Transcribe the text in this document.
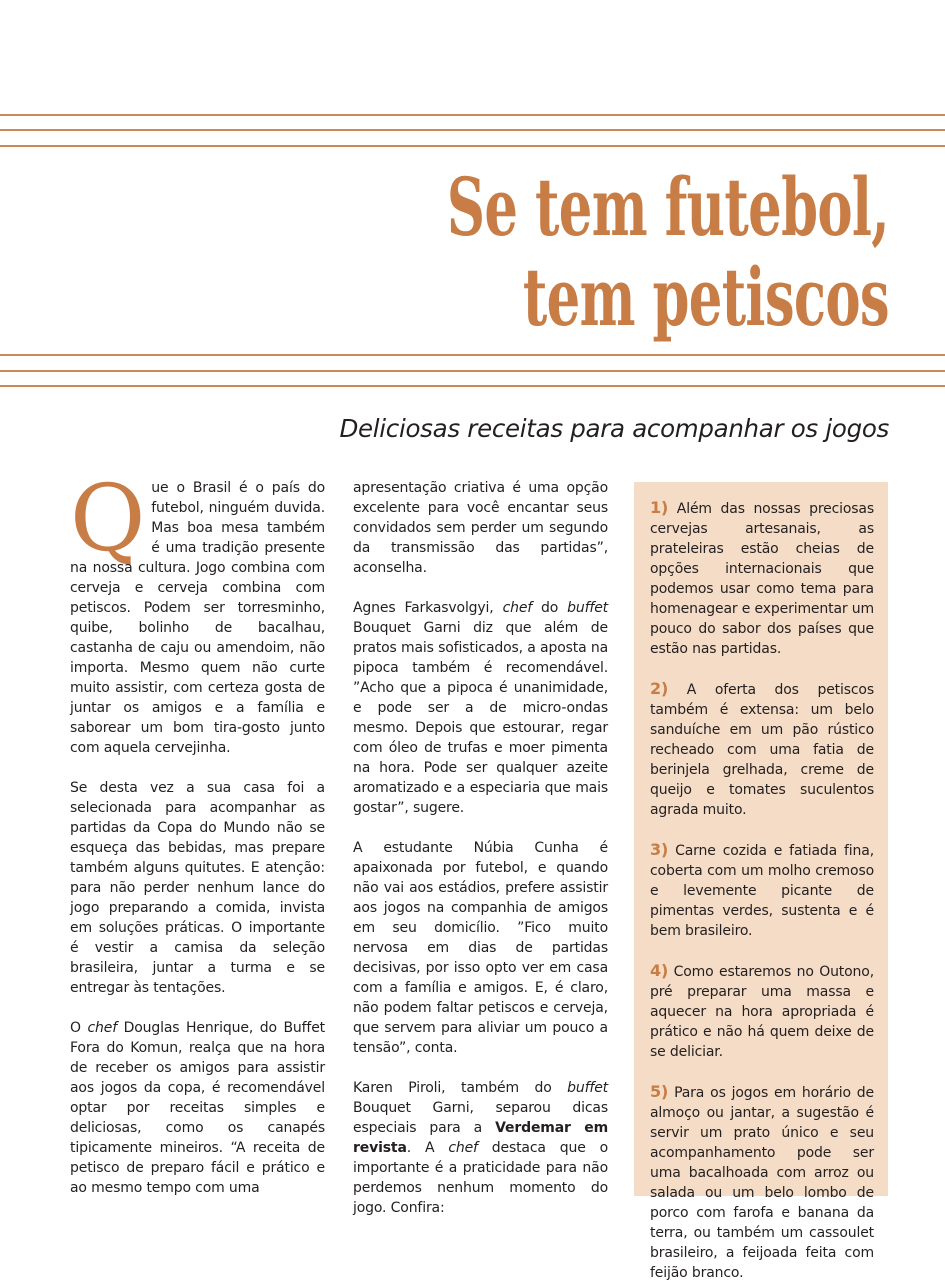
Se tem futebol,
tem petiscos
Deliciosas receitas para acompanhar os jogos

Que o Brasil é o país do futebol, ninguém duvida. Mas boa mesa também é uma tradição presente na nossa cultura. Jogo combina com cerveja e cerveja combina com petiscos. Podem ser torresminho, quibe, bolinho de bacalhau, castanha de caju ou amendoim, não importa. Mesmo quem não curte muito assistir, com certeza gosta de juntar os amigos e a família e saborear um bom tira-gosto junto com aquela cervejinha.

Se desta vez a sua casa foi a selecionada para acompanhar as partidas da Copa do Mundo não se esqueça das bebidas, mas prepare também alguns quitutes. E atenção: para não perder nenhum lance do jogo preparando a comida, invista em soluções práticas. O importante é vestir a camisa da seleção brasileira, juntar a turma e se entregar às tentações.

O chef Douglas Henrique, do Buffet Fora do Komun, realça que na hora de receber os amigos para assistir aos jogos da copa, é recomendável optar por receitas simples e deliciosas, como os canapés tipicamente mineiros. “A receita de petisco de preparo fácil e prático e ao mesmo tempo com uma

apresentação criativa é uma opção excelente para você encantar seus convidados sem perder um segundo da transmissão das partidas”, aconselha.

Agnes Farkasvolgyi, chef do buffet Bouquet Garni diz que além de pratos mais sofisticados, a aposta na pipoca também é recomendável. ”Acho que a pipoca é unanimidade, e pode ser a de micro-ondas mesmo. Depois que estourar, regar com óleo de trufas e moer pimenta na hora. Pode ser qualquer azeite aromatizado e a especiaria que mais gostar”, sugere.

A estudante Núbia Cunha é apaixonada por futebol, e quando não vai aos estádios, prefere assistir aos jogos na companhia de amigos em seu domicílio. ”Fico muito nervosa em dias de partidas decisivas, por isso opto ver em casa com a família e amigos. E, é claro, não podem faltar petiscos e cerveja, que servem para aliviar um pouco a tensão”, conta.

Karen Piroli, também do buffet Bouquet Garni, separou dicas especiais para a Verdemar em revista. A chef destaca que o importante é a praticidade para não perdemos nenhum momento do jogo. Confira:

1) Além das nossas preciosas cervejas artesanais, as prateleiras estão cheias de opções internacionais que podemos usar como tema para homenagear e experimentar um pouco do sabor dos países que estão nas partidas.

2) A oferta dos petiscos também é extensa: um belo sanduíche em um pão rústico recheado com uma fatia de berinjela grelhada, creme de queijo e tomates suculentos agrada muito.

3) Carne cozida e fatiada fina, coberta com um molho cremoso e levemente picante de pimentas verdes, sustenta e é bem brasileiro.

4) Como estaremos no Outono, pré preparar uma massa e aquecer na hora apropriada é prático e não há quem deixe de se deliciar.

5) Para os jogos em horário de almoço ou jantar, a sugestão é servir um prato único e seu acompanhamento pode ser uma bacalhoada com arroz ou salada ou um belo lombo de porco com farofa e banana da terra, ou também um cassoulet brasileiro, a feijoada feita com feijão branco.
